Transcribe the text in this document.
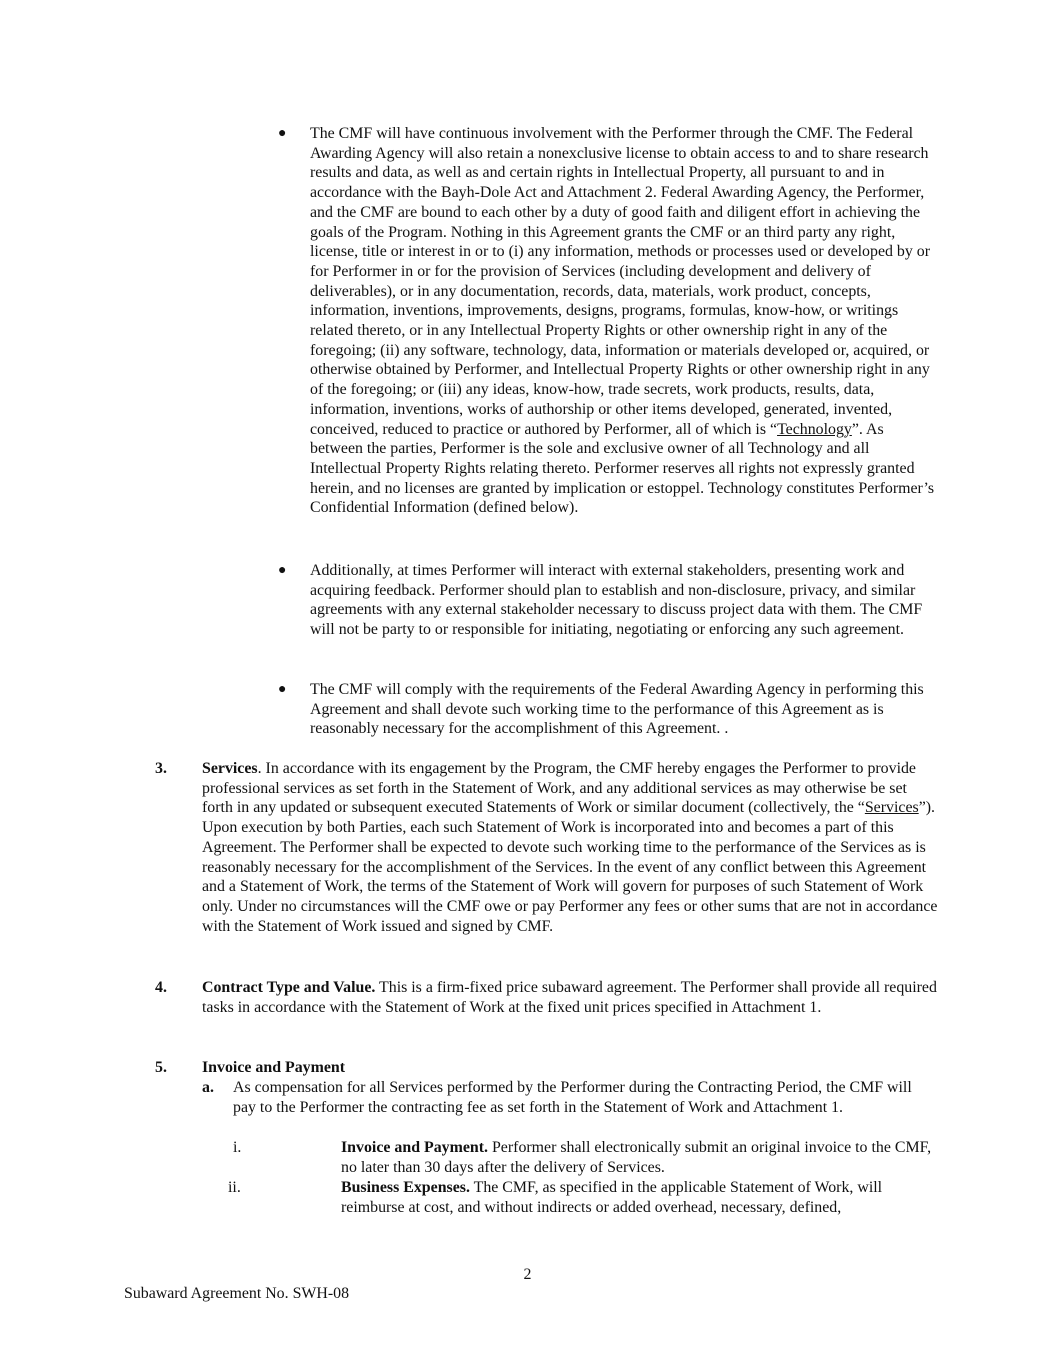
●	The CMF will have continuous involvement with the Performer through the CMF. The Federal Awarding Agency will also retain a nonexclusive license to obtain access to and to share research results and data, as well as and certain rights in Intellectual Property, all pursuant to and in accordance with the Bayh-Dole Act and Attachment 2. Federal Awarding Agency, the Performer, and the CMF are bound to each other by a duty of good faith and diligent effort in achieving the goals of the Program. Nothing in this Agreement grants the CMF or an third party any right, license, title or interest in or to (i) any information, methods or processes used or developed by or for Performer in or for the provision of Services (including development and delivery of deliverables), or in any documentation, records, data, materials, work product, concepts, information, inventions, improvements, designs, programs, formulas, know-how, or writings related thereto, or in any Intellectual Property Rights or other ownership right in any of the foregoing; (ii) any software, technology, data, information or materials developed or, acquired, or otherwise obtained by Performer, and Intellectual Property Rights or other ownership right in any of the foregoing; or (iii) any ideas, know-how, trade secrets, work products, results, data, information, inventions, works of authorship or other items developed, generated, invented, conceived, reduced to practice or authored by Performer, all of which is “Technology”. As between the parties, Performer is the sole and exclusive owner of all Technology and all Intellectual Property Rights relating thereto. Performer reserves all rights not expressly granted herein, and no licenses are granted by implication or estoppel. Technology constitutes Performer’s Confidential Information (defined below).
●	Additionally, at times Performer will interact with external stakeholders, presenting work and acquiring feedback. Performer should plan to establish and non-disclosure, privacy, and similar agreements with any external stakeholder necessary to discuss project data with them. The CMF will not be party to or responsible for initiating, negotiating or enforcing any such agreement.
●	The CMF will comply with the requirements of the Federal Awarding Agency in performing this Agreement and shall devote such working time to the performance of this Agreement as is reasonably necessary for the accomplishment of this Agreement. .
3. Services. In accordance with its engagement by the Program, the CMF hereby engages the Performer to provide professional services as set forth in the Statement of Work, and any additional services as may otherwise be set forth in any updated or subsequent executed Statements of Work or similar document (collectively, the “Services”). Upon execution by both Parties, each such Statement of Work is incorporated into and becomes a part of this Agreement. The Performer shall be expected to devote such working time to the performance of the Services as is reasonably necessary for the accomplishment of the Services. In the event of any conflict between this Agreement and a Statement of Work, the terms of the Statement of Work will govern for purposes of such Statement of Work only. Under no circumstances will the CMF owe or pay Performer any fees or other sums that are not in accordance with the Statement of Work issued and signed by CMF.
4. Contract Type and Value. This is a firm-fixed price subaward agreement. The Performer shall provide all required tasks in accordance with the Statement of Work at the fixed unit prices specified in Attachment 1.
5. Invoice and Payment
a. As compensation for all Services performed by the Performer during the Contracting Period, the CMF will pay to the Performer the contracting fee as set forth in the Statement of Work and Attachment 1.
i.	Invoice and Payment. Performer shall electronically submit an original invoice to the CMF, no later than 30 days after the delivery of Services.
ii.	Business Expenses. The CMF, as specified in the applicable Statement of Work, will reimburse at cost, and without indirects or added overhead, necessary, defined,
2
Subaward Agreement No. SWH-08
